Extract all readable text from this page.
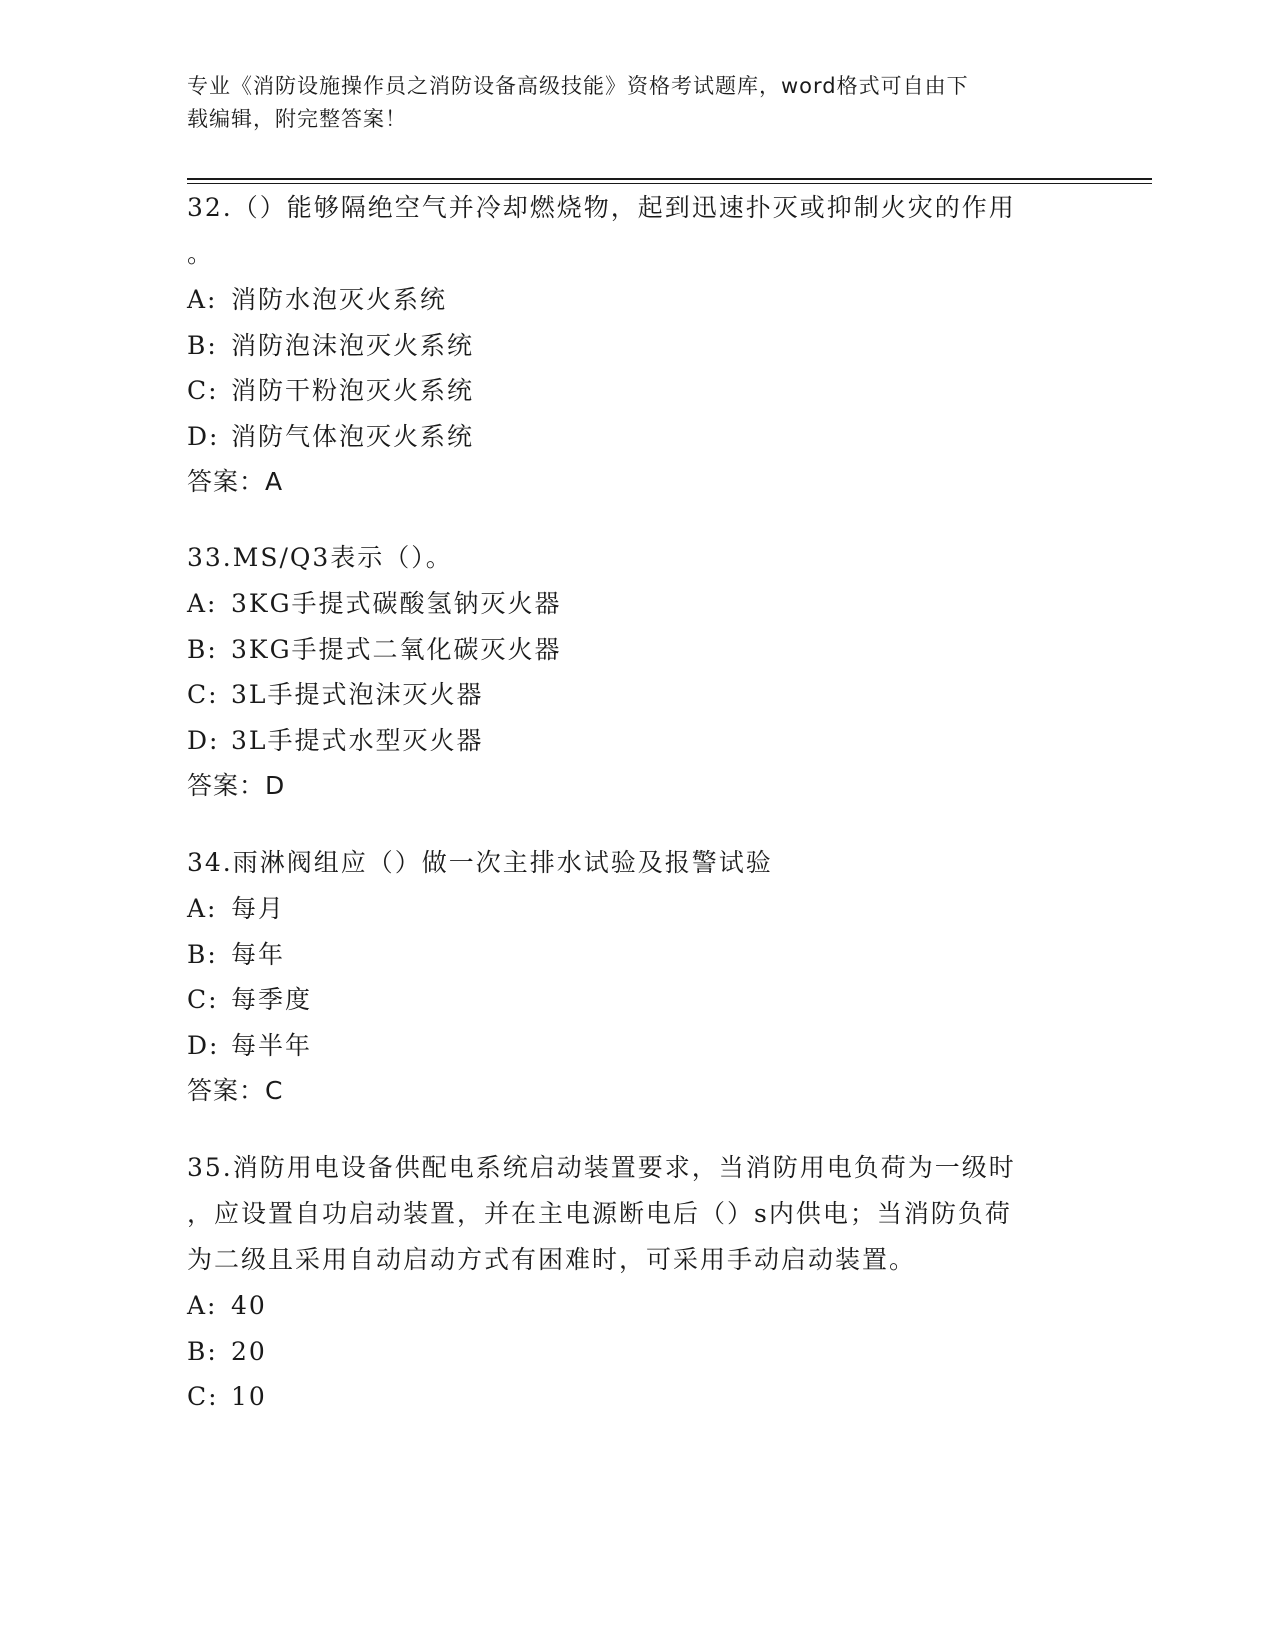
专业《消防设施操作员之消防设备高级技能》资格考试题库，word格式可自由下
载编辑，附完整答案！
32.（）能够隔绝空气并冷却燃烧物，起到迅速扑灭或抑制火灾的作用
。
A: 消防水泡灭火系统
B: 消防泡沫泡灭火系统
C: 消防干粉泡灭火系统
D: 消防气体泡灭火系统
答案：A
33.MS/Q3表示（）。
A: 3KG手提式碳酸氢钠灭火器
B: 3KG手提式二氧化碳灭火器
C: 3L手提式泡沫灭火器
D: 3L手提式水型灭火器
答案：D
34.雨淋阀组应（）做一次主排水试验及报警试验
A: 每月
B: 每年
C: 每季度
D: 每半年
答案：C
35.消防用电设备供配电系统启动装置要求，当消防用电负荷为一级时
，应设置自功启动装置，并在主电源断电后（）s内供电；当消防负荷
为二级且采用自动启动方式有困难时，可采用手动启动装置。
A: 40
B: 20
C: 10
